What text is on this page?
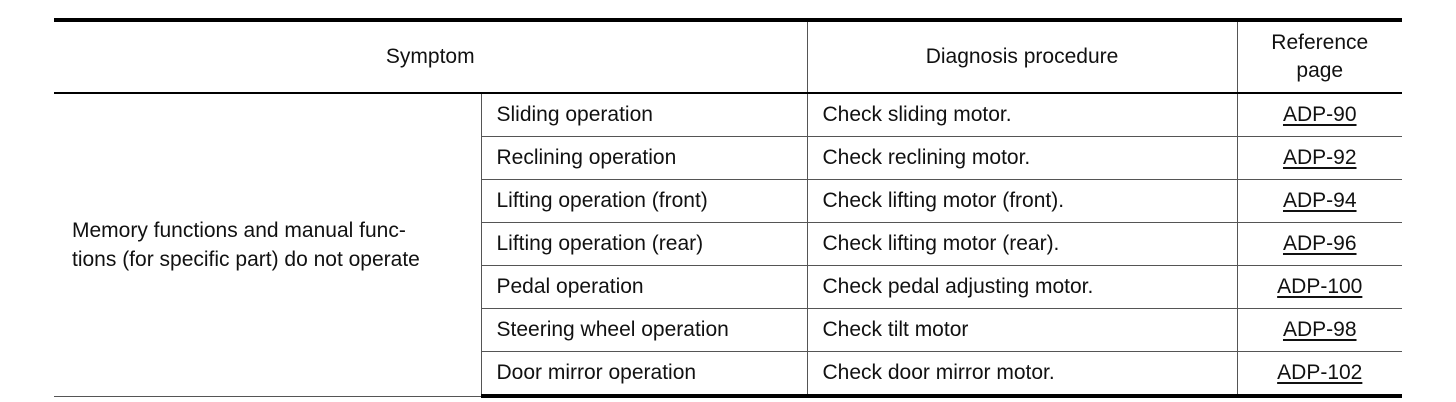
Symptom		Diagnosis procedure	Reference
page
Memory functions and manual func-
tions (for specific part) do not operate	Sliding operation	Check sliding motor.	ADP-90
	Reclining operation	Check reclining motor.	ADP-92
	Lifting operation (front)	Check lifting motor (front).	ADP-94
	Lifting operation (rear)	Check lifting motor (rear).	ADP-96
	Pedal operation	Check pedal adjusting motor.	ADP-100
	Steering wheel operation	Check tilt motor	ADP-98
	Door mirror operation	Check door mirror motor.	ADP-102
